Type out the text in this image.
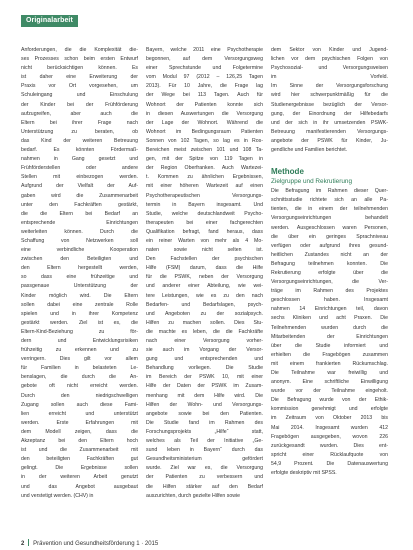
Originalarbeit
Anforderungen, die die Komplexität die-
ses Prozesses schon beim ersten Entwurf
nicht berücksichtigen können. Es
ist daher eine Erweiterung der
Praxis vor Ort vorgesehen, um
Schuleingang und Einschulung
der Kinder bei der Frühförderung
aufzugreifen, aber auch die
Eltern bei ihrer Frage nach
Unterstützung zu beraten, ob
das Kind der weiteren Betreuung
bedarf. Es könnten Fördermaß-
nahmen in Gang gesetzt und
Frühförderstellen oder andere
Stellen mit einbezogen werden.
Aufgrund der Vielfalt der Auf-
gaben wird die Zusammenarbeit
unter den Fachkräften gestärkt,
die die Eltern bei Bedarf an
entsprechende Einrichtungen
weiterleiten können. Durch die
Schaffung von Netzwerken soll
eine verbindliche Kooperation
zwischen den Beteiligten und
den Eltern hergestellt werden,
so dass eine frühzeitige und
passgenaue Unterstützung der
Kinder möglich wird. Die Eltern
sollen dabei eine zentrale Rolle
spielen und in ihrer Kompetenz
gestärkt werden. Ziel ist es, die
Eltern-Kind-Beziehung zu för-
dern und Entwicklungsrisiken
frühzeitig zu erkennen und zu
verringern. Dies gilt vor allem
für Familien in belasteten Le-
benslagen, die durch die An-
gebote oft nicht erreicht werden.
Durch den niedrigschwelligen
Zugang sollen auch diese Fami-
lien erreicht und unterstützt
werden. Erste Erfahrungen mit
dem Modell zeigen, dass die
Akzeptanz bei den Eltern hoch
ist und die Zusammenarbeit mit
den beteiligten Fachkräften gut
gelingt. Die Ergebnisse sollen
in der weiteren Arbeit genutzt
und das Angebot ausgebaut
und verstetigt werden. (CHV) in
Bayern, welche 2011 eine Psychotherapie
begonnen, auf dem Versorgungsweg
einer Sprechstunde und Folgetermine
vom Modul 97 (2012 – 126,25 Tagen
2013). Für 10 Jahre, die Frage lag
der Wege bei 113 Tagen. Auch für
Wohnort der Patienten konnte sich
in diesen Auswertungen die Versorgung
der Lage der Wohnort. Während die
Wohnort im Bedingungsraum Patienten
Sonnen von 102 Tagen, so lag es in Ros-
Bereichen meist zwischen 101 und 108 Ta-
gen, mit der Spitze von 119 Tagen in
der Region Oberfranken. Auch Wartezei-
t. Kommen zu ähnlichen Ergebnissen,
mit einer höheren Wartezeit auf einen
Psychotherapeutischen Versorgungs-
termin in Bayern insgesamt. Und
Studie, welche deutschlandweit Psycho-
therapeuten bei einer fachgerechten
Qualifikation befragt, fand heraus, dass
ein reiner Warten von mehr als 4 Mo-
naten sowie nicht selten ist.
Den Fachstellen der psychischen
Hilfe (FSM) darum, dass die Hilfe
für die PSWK, neben der Versorgung
und anderer einer Abteilung, wie wei-
tere Leistungen, wie es zu den nach
Bedarfen- und Bedarfslagen, psych-
und Angeboten zu der sozialpsych.
Hilfen zu machen sollen. Dies Stu-
die machte es leben, die die Fachkräfte
nach einer Versorgung vorher-
sie auch im Vorgang der Versor-
gung und entsprechenden und
Behandlung vorliegen. Die Studie
im Bereich der PSWK 10, mit einer
Hilfe der Daten der PSWK im Zusam-
menhang mit dem Hilfe wird. Die
Hilfen der Wohn- und Versorgungs-
angebote sowie bei den Patienten.
Die Studie fand im Rahmen des
Forschungsprojekts „Hilfe“ statt,
welches als Teil der Initiative „Ge-
sund leben in Bayern“ durch das
Gesundheitsministerium gefördert
wurde. Ziel war es, die Versorgung
der Patienten zu verbessern und
die Hilfen stärker auf den Bedarf
auszurichten, durch gezielte Hilfen sowie
dem Sektor von Kinder und Jugend-
lichen vor dem psychischen Folgen von
Psychosozial- und Versorgungsweisen
im Vorfeld.
Im Sinne der Versorgungsforschung
wird hier schwerpunktmäßig für die
Studienergebnisse bezüglich der Versor-
gung, der Einordnung der Hilfebedarfs
und der sich in ihr umsetzenden PSWK-
Betreuung manifestierenden Versorgungs-
angebote der PSWK für Kinder, Ju-
gendliche und Familien berichtet.
Methode
Zielgruppe und Rekrutierung
Die Befragung im Rahmen dieser Quer-
schnittsstudie richtete sich an alle Pa-
tienten, die in einem der teilnehmenden
Versorgungseinrichtungen behandelt
werden. Ausgeschlossen waren Personen,
die über ein geringes Sprachniveau
verfügen oder aufgrund ihres gesund-
heitlichen Zustandes nicht an der
Befragung teilnehmen konnten. Die
Rekrutierung erfolgte über die
Versorgungseinrichtungen, die Ver-
träge im Rahmen des Projektes
geschlossen haben. Insgesamt
nahmen 14 Einrichtungen teil, davon
sechs Kliniken und acht Praxen. Die
Teilnehmenden wurden durch die
Mitarbeitenden der Einrichtungen
über die Studie informiert und
erhielten die Fragebögen zusammen
mit einem frankierten Rückumschlag.
Die Teilnahme war freiwillig und
anonym. Eine schriftliche Einwilligung
wurde vor der Teilnahme eingeholt.
Die Befragung wurde von der Ethik-
kommission genehmigt und erfolgte
im Zeitraum von Oktober 2013 bis
Mai 2014. Insgesamt wurden 412
Fragebögen ausgegeben, wovon 226
zurückgesandt wurden. Dies ent-
spricht einer Rücklaufquote von
54,9 Prozent. Die Datenauswertung
erfolgte deskriptiv mit SPSS.
2 Prävention und Gesundheitsförderung 1 · 2015
